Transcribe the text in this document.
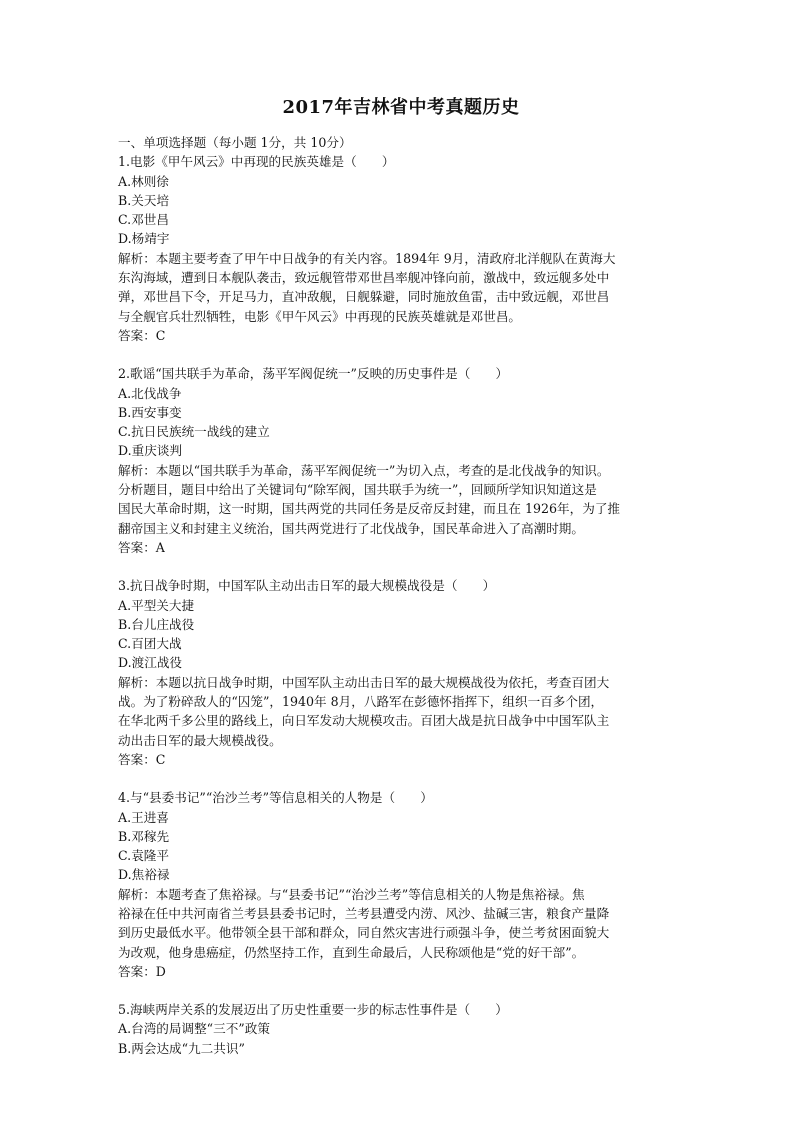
2017年吉林省中考真题历史
一、单项选择题（每小题 1分，共 10分）
1.电影《甲午风云》中再现的民族英雄是（　　）
A.林则徐
B.关天培
C.邓世昌
D.杨靖宇
解析：本题主要考查了甲午中日战争的有关内容。1894年 9月，清政府北洋舰队在黄海大
东沟海域，遭到日本舰队袭击，致远舰管带邓世昌率舰冲锋向前，激战中，致远舰多处中
弹，邓世昌下令，开足马力，直冲敌舰，日舰躲避，同时施放鱼雷，击中致远舰，邓世昌
与全舰官兵壮烈牺牲，电影《甲午风云》中再现的民族英雄就是邓世昌。
答案：C
2.歌谣“国共联手为革命，荡平军阀促统一”反映的历史事件是（　　）
A.北伐战争
B.西安事变
C.抗日民族统一战线的建立
D.重庆谈判
解析：本题以“国共联手为革命，荡平军阀促统一”为切入点，考查的是北伐战争的知识。
分析题目，题目中给出了关键词句“除军阀，国共联手为统一”，回顾所学知识知道这是
国民大革命时期，这一时期，国共两党的共同任务是反帝反封建，而且在 1926年，为了推
翻帝国主义和封建主义统治，国共两党进行了北伐战争，国民革命进入了高潮时期。
答案：A
3.抗日战争时期，中国军队主动出击日军的最大规模战役是（　　）
A.平型关大捷
B.台儿庄战役
C.百团大战
D.渡江战役
解析：本题以抗日战争时期，中国军队主动出击日军的最大规模战役为依托，考查百团大
战。为了粉碎敌人的“囚笼”，1940年 8月，八路军在彭德怀指挥下，组织一百多个团，
在华北两千多公里的路线上，向日军发动大规模攻击。百团大战是抗日战争中中国军队主
动出击日军的最大规模战役。
答案：C
4.与“县委书记”“治沙兰考”等信息相关的人物是（　　）
A.王进喜
B.邓稼先
C.袁隆平
D.焦裕禄
解析：本题考查了焦裕禄。与“县委书记”“治沙兰考”等信息相关的人物是焦裕禄。焦
裕禄在任中共河南省兰考县县委书记时，兰考县遭受内涝、风沙、盐碱三害，粮食产量降
到历史最低水平。他带领全县干部和群众，同自然灾害进行顽强斗争，使兰考贫困面貌大
为改观，他身患癌症，仍然坚持工作，直到生命最后，人民称颂他是“党的好干部”。
答案：D
5.海峡两岸关系的发展迈出了历史性重要一步的标志性事件是（　　）
A.台湾的局调整“三不”政策
B.两会达成“九二共识”
